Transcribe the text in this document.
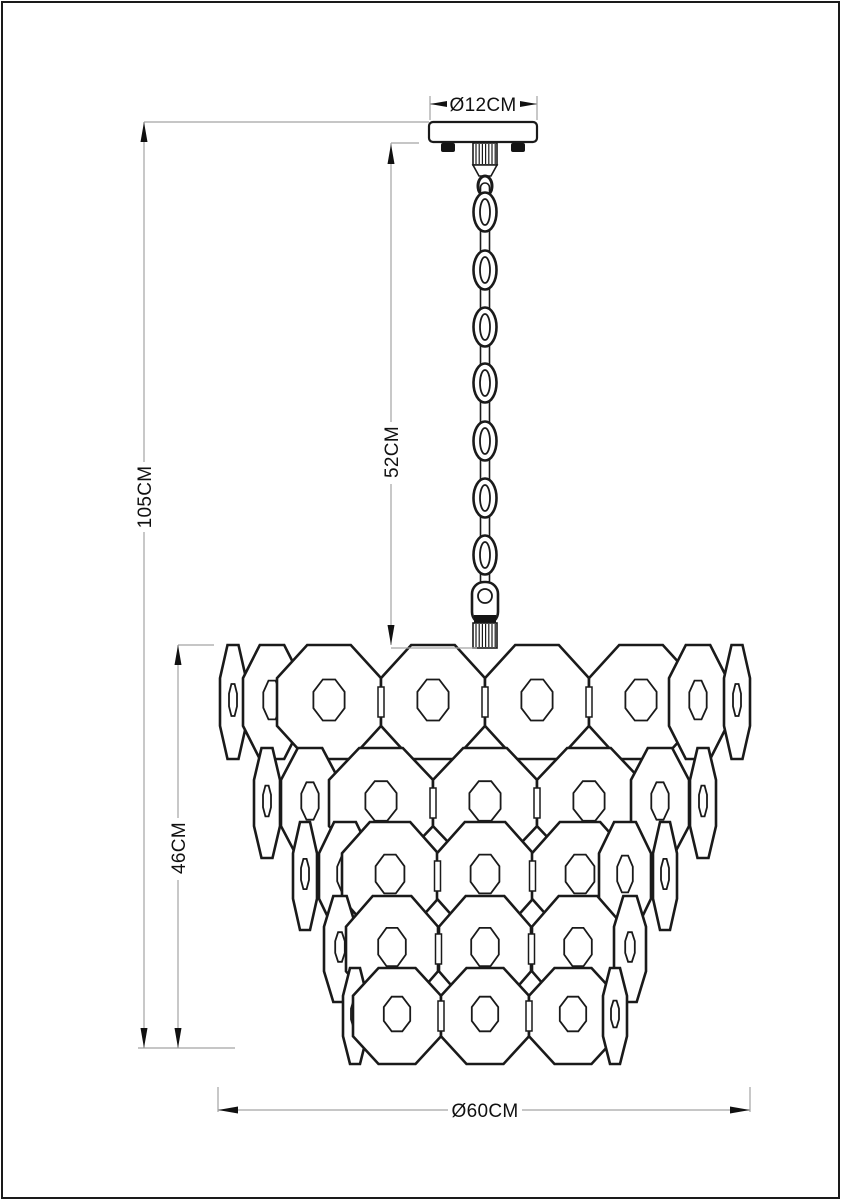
105CM
46CM
52CM
Ø12CM
Ø60CM
